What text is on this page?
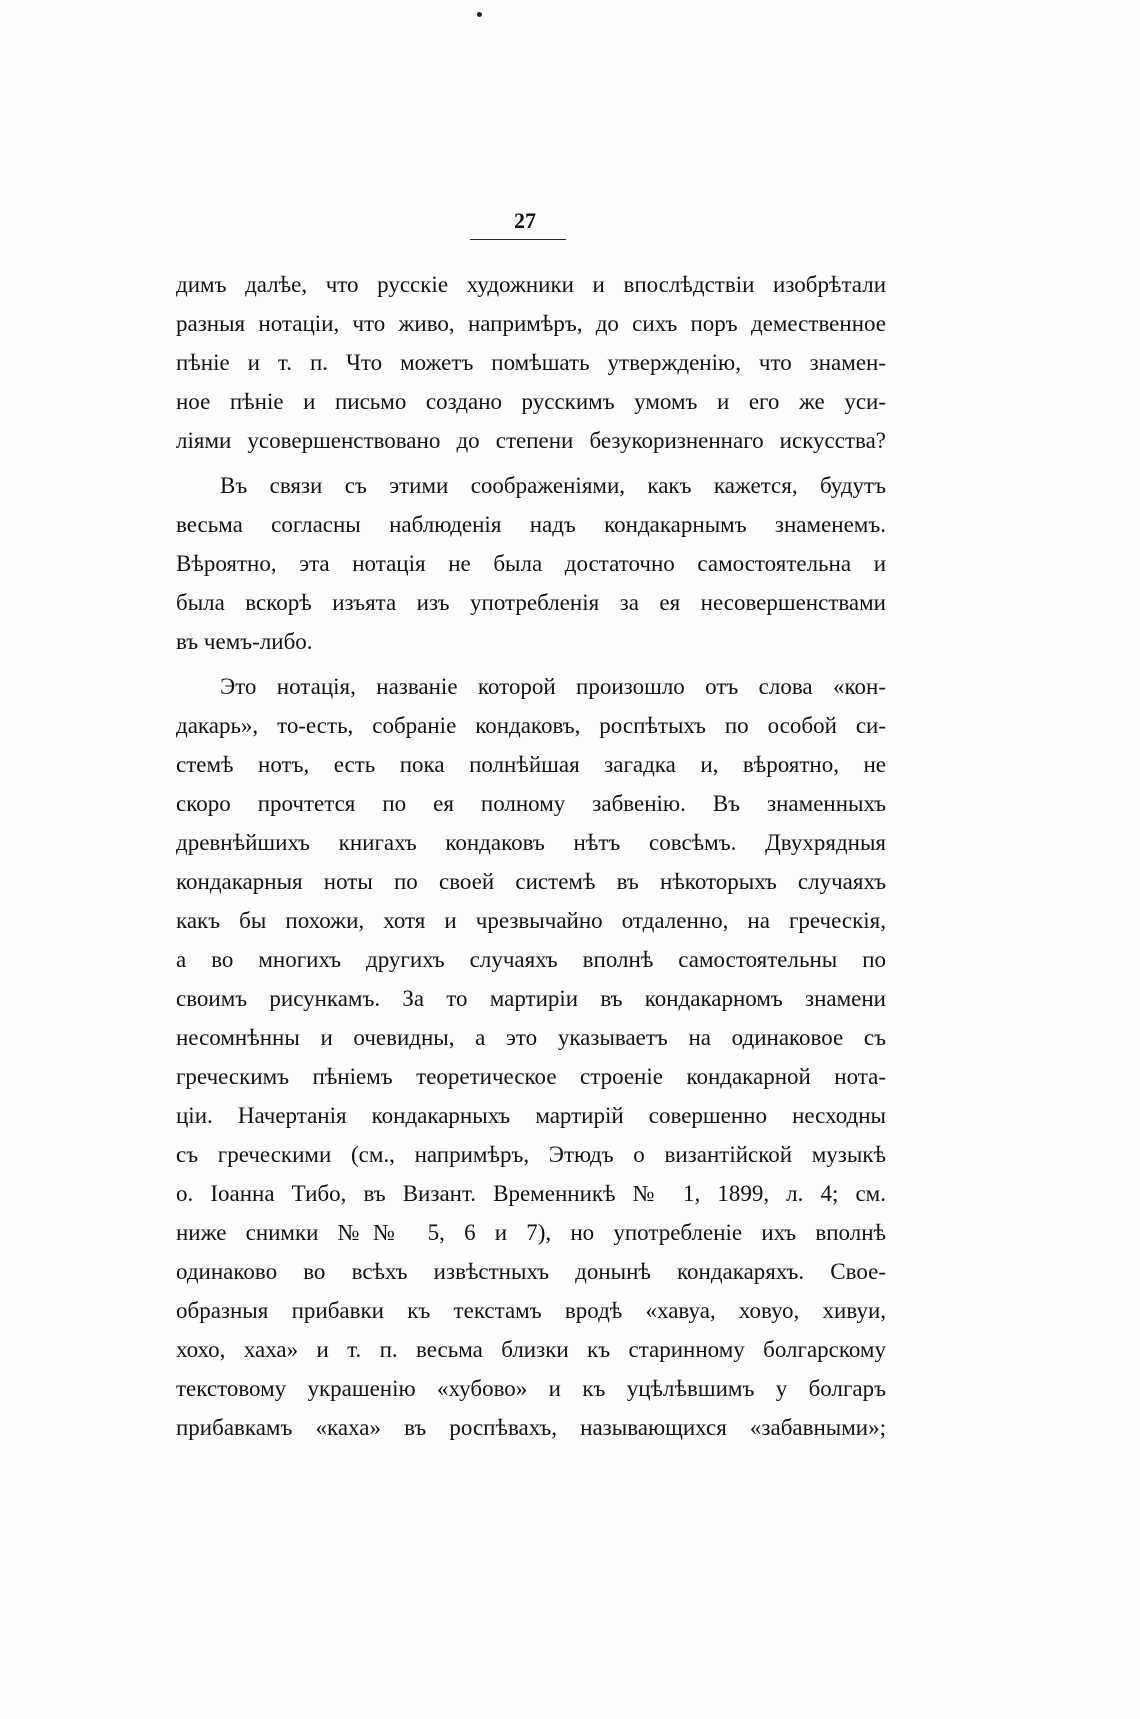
27
димъ далѣе, что русскіе художники и впослѣдствіи изобрѣтали
разныя нотаціи, что живо, напримѣръ, до сихъ поръ демественное
пѣніе и т. п. Что можетъ помѣшать утвержденію, что знамен-
ное пѣніе и письмо создано русскимъ умомъ и его же уси-
ліями усовершенствовано до степени безукоризненнаго искусства?
Въ связи съ этими соображеніями, какъ кажется, будутъ
весьма согласны наблюденія надъ кондакарнымъ знаменемъ.
Вѣроятно, эта нотація не была достаточно самостоятельна и
была вскорѣ изъята изъ употребленія за ея несовершенствами
въ чемъ-либо.
Это нотація, названіе которой произошло отъ слова «кон-
дакарь», то-есть, собраніе кондаковъ, роспѣтыхъ по особой си-
стемѣ нотъ, есть пока полнѣйшая загадка и, вѣроятно, не
скоро прочтется по ея полному забвенію. Въ знаменныхъ
древнѣйшихъ книгахъ кондаковъ нѣтъ совсѣмъ. Двухрядныя
кондакарныя ноты по своей системѣ въ нѣкоторыхъ случаяхъ
какъ бы похожи, хотя и чрезвычайно отдаленно, на греческія,
а во многихъ другихъ случаяхъ вполнѣ самостоятельны по
своимъ рисункамъ. За то мартиріи въ кондакарномъ знамени
несомнѣнны и очевидны, а это указываетъ на одинаковое съ
греческимъ пѣніемъ теоретическое строеніе кондакарной нота-
ціи. Начертанія кондакарныхъ мартирій совершенно несходны
съ греческими (см., напримѣръ, Этюдъ о византійской музыкѣ
о. Іоанна Тибо, въ Визант. Временникѣ № 1, 1899, л. 4; см.
ниже снимки №№ 5, 6 и 7), но употребленіе ихъ вполнѣ
одинаково во всѣхъ извѣстныхъ донынѣ кондакаряхъ. Свое-
образныя прибавки къ текстамъ вродѣ «хавуа, ховуо, хивуи,
хохо, хаха» и т. п. весьма близки къ старинному болгарскому
текстовому украшенію «хубово» и къ уцѣлѣвшимъ у болгаръ
прибавкамъ «каха» въ роспѣвахъ, называющихся «забавными»;
